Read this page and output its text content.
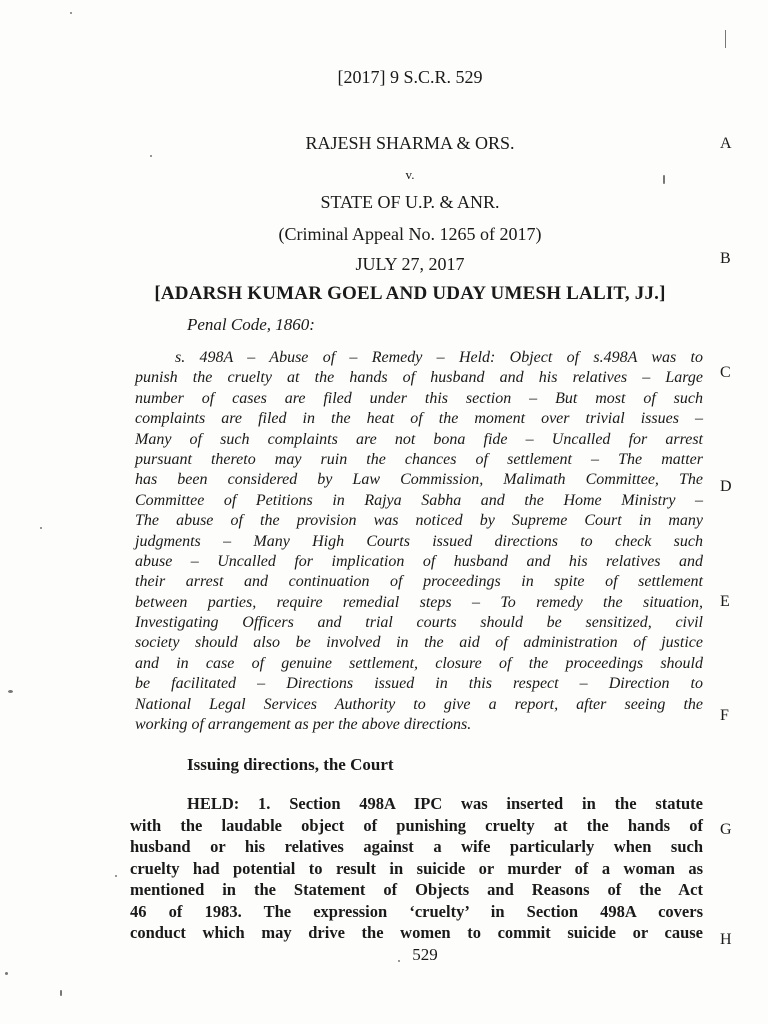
[2017] 9 S.C.R. 529
RAJESH SHARMA & ORS.
v.
STATE OF U.P. & ANR.
(Criminal Appeal No. 1265 of 2017)
JULY 27, 2017
[ADARSH KUMAR GOEL AND UDAY UMESH LALIT, JJ.]
A
B
C
D
E
F
G
H
Penal Code, 1860:
s. 498A – Abuse of – Remedy – Held: Object of s.498A was to
punish the cruelty at the hands of husband and his relatives – Large
number of cases are filed under this section – But most of such
complaints are filed in the heat of the moment over trivial issues –
Many of such complaints are not bona fide – Uncalled for arrest
pursuant thereto may ruin the chances of settlement – The matter
has been considered by Law Commission, Malimath Committee, The
Committee of Petitions in Rajya Sabha and the Home Ministry –
The abuse of the provision was noticed by Supreme Court in many
judgments – Many High Courts issued directions to check such
abuse – Uncalled for implication of husband and his relatives and
their arrest and continuation of proceedings in spite of settlement
between parties, require remedial steps – To remedy the situation,
Investigating Officers and trial courts should be sensitized, civil
society should also be involved in the aid of administration of justice
and in case of genuine settlement, closure of the proceedings should
be facilitated – Directions issued in this respect – Direction to
National Legal Services Authority to give a report, after seeing the
working of arrangement as per the above directions.
Issuing directions, the Court
HELD: 1. Section 498A IPC was inserted in the statute
with the laudable object of punishing cruelty at the hands of
husband or his relatives against a wife particularly when such
cruelty had potential to result in suicide or murder of a woman as
mentioned in the Statement of Objects and Reasons of the Act
46 of 1983. The expression ‘cruelty’ in Section 498A covers
conduct which may drive the women to commit suicide or cause
529
